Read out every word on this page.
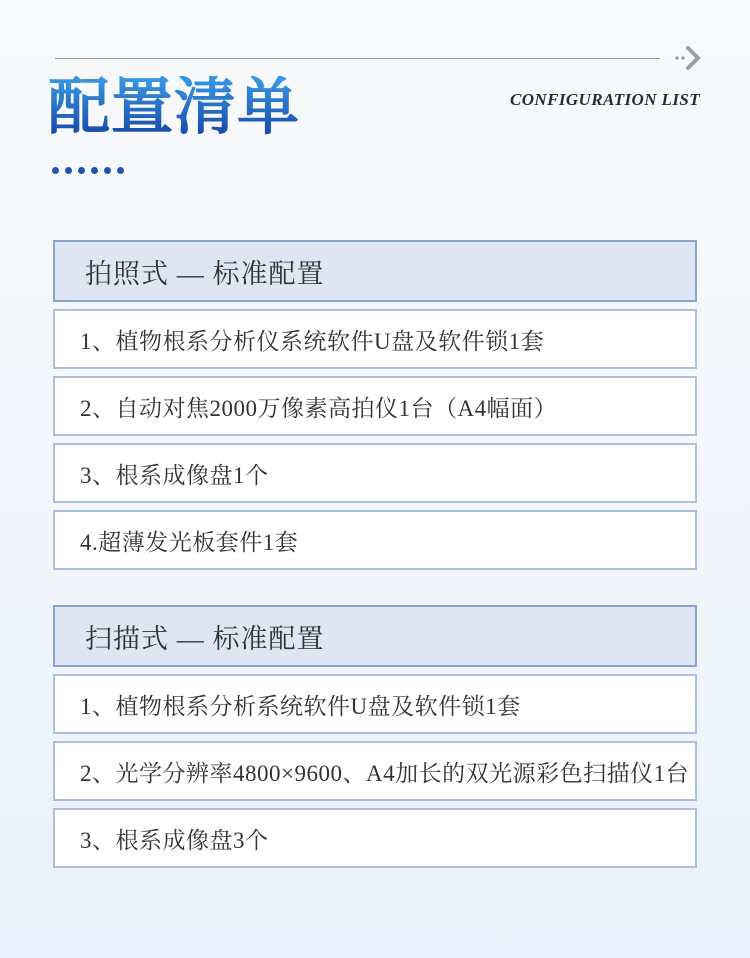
配置清单	CONFIGURATION LIST
拍照式 — 标准配置
1、植物根系分析仪系统软件U盘及软件锁1套
2、自动对焦2000万像素高拍仪1台（A4幅面）
3、根系成像盘1个
4.超薄发光板套件1套
扫描式 — 标准配置
1、植物根系分析系统软件U盘及软件锁1套
2、光学分辨率4800×9600、A4加长的双光源彩色扫描仪1台
3、根系成像盘3个
